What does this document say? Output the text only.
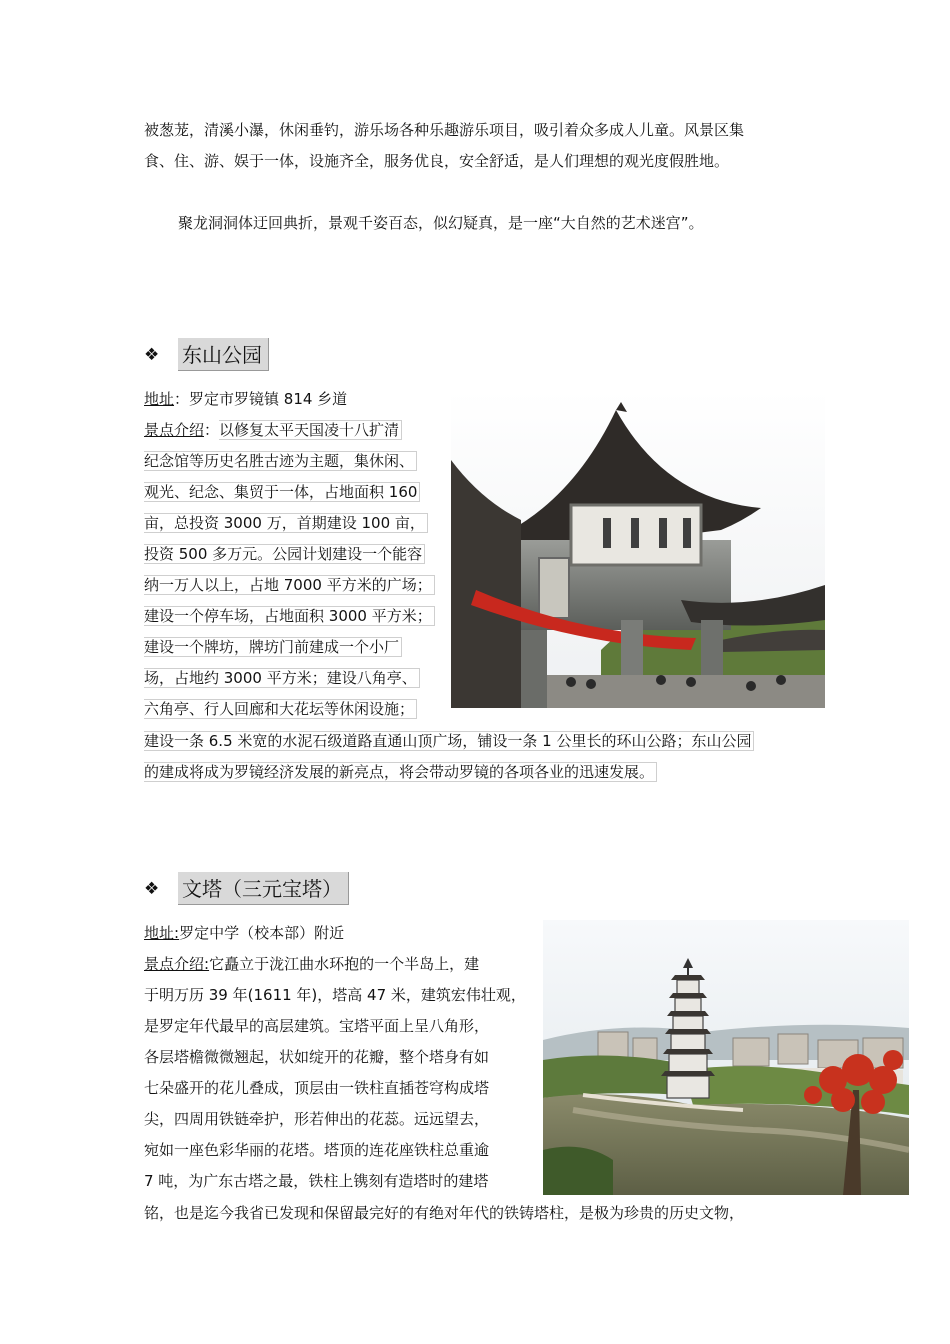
被葱茏，清溪小瀑，休闲垂钓，游乐场各种乐趣游乐项目，吸引着众多成人儿童。风景区集
食、住、游、娱于一体，设施齐全，服务优良，安全舒适，是人们理想的观光度假胜地。
聚龙洞洞体迂回典折，景观千姿百态，似幻疑真，是一座“大自然的艺术迷宫”。
❖	东山公园
地址：罗定市罗镜镇 814 乡道
景点介绍：以修复太平天国凌十八扩清
纪念馆等历史名胜古迹为主题，集休闲、
观光、纪念、集贸于一体，占地面积 160
亩，总投资 3000 万，首期建设 100 亩，
投资 500 多万元。公园计划建设一个能容
纳一万人以上，占地 7000 平方米的广场；
建设一个停车场，占地面积 3000 平方米；
建设一个牌坊，牌坊门前建成一个小厂
场，占地约 3000 平方米；建设八角亭、
六角亭、行人回廊和大花坛等休闲设施；
建设一条 6.5 米宽的水泥石级道路直通山顶广场，铺设一条 1 公里长的环山公路；东山公园
的建成将成为罗镜经济发展的新亮点，将会带动罗镜的各项各业的迅速发展。
❖	文塔（三元宝塔）
地址:罗定中学（校本部）附近
景点介绍:它矗立于泷江曲水环抱的一个半岛上，建
于明万历 39 年(1611 年)，塔高 47 米，建筑宏伟壮观，
是罗定年代最早的高层建筑。宝塔平面上呈八角形，
各层塔檐微微翘起，状如绽开的花瓣，整个塔身有如
七朵盛开的花儿叠成，顶层由一铁柱直插苍穹构成塔
尖，四周用铁链牵护，形若伸出的花蕊。远远望去，
宛如一座色彩华丽的花塔。塔顶的连花座铁柱总重逾
7 吨，为广东古塔之最，铁柱上镌刻有造塔时的建塔
铭，也是迄今我省已发现和保留最完好的有绝对年代的铁铸塔柱，是极为珍贵的历史文物，
